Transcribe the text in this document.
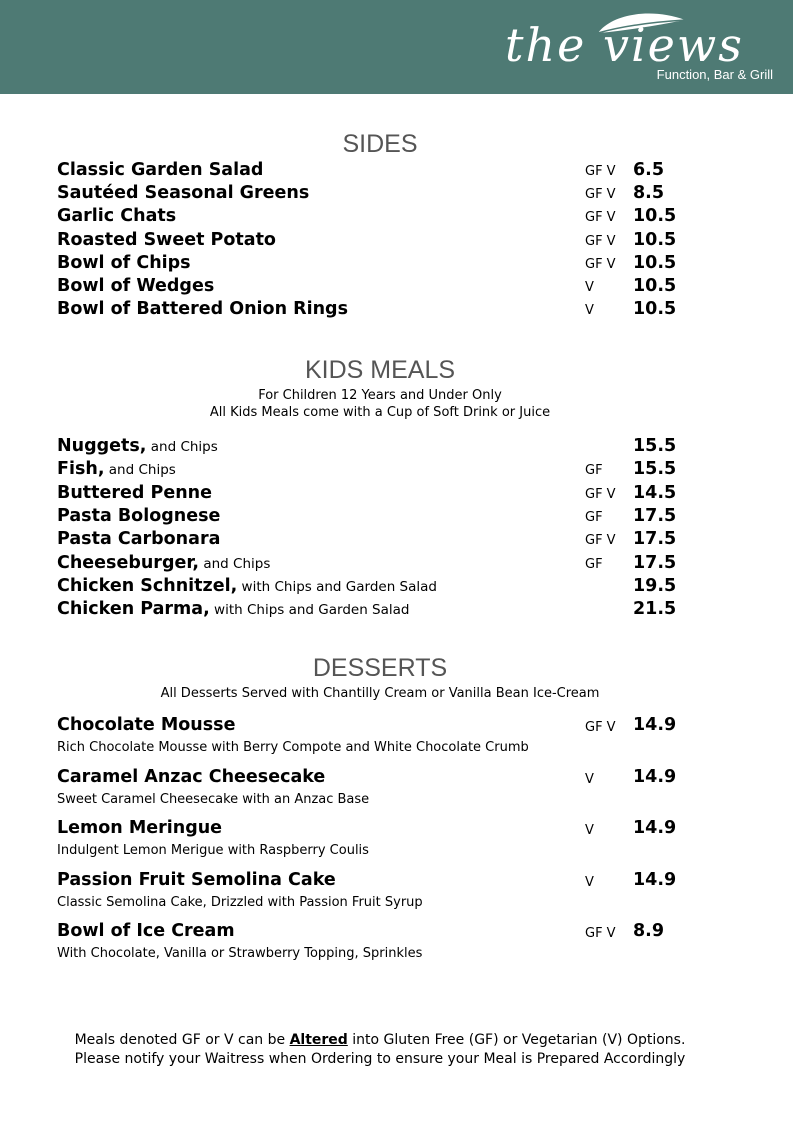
the views
Function, Bar & Grill
SIDES
Classic Garden Salad	GF V 6.5
Sautéed Seasonal Greens	GF V 8.5
Garlic Chats	GF V 10.5
Roasted Sweet Potato	GF V 10.5
Bowl of Chips	GF V 10.5
Bowl of Wedges	V 10.5
Bowl of Battered Onion Rings	V 10.5
KIDS MEALS
For Children 12 Years and Under Only
All Kids Meals come with a Cup of Soft Drink or Juice
Nuggets, and Chips	15.5
Fish, and Chips	GF 15.5
Buttered Penne	GF V 14.5
Pasta Bolognese	GF 17.5
Pasta Carbonara	GF V 17.5
Cheeseburger, and Chips	GF 17.5
Chicken Schnitzel, with Chips and Garden Salad	19.5
Chicken Parma, with Chips and Garden Salad	21.5
DESSERTS
All Desserts Served with Chantilly Cream or Vanilla Bean Ice-Cream
Chocolate Mousse	GF V 14.9
Rich Chocolate Mousse with Berry Compote and White Chocolate Crumb
Caramel Anzac Cheesecake	V 14.9
Sweet Caramel Cheesecake with an Anzac Base
Lemon Meringue	V 14.9
Indulgent Lemon Merigue with Raspberry Coulis
Passion Fruit Semolina Cake	V 14.9
Classic Semolina Cake, Drizzled with Passion Fruit Syrup
Bowl of Ice Cream	GF V 8.9
With Chocolate, Vanilla or Strawberry Topping, Sprinkles
Meals denoted GF or V can be Altered into Gluten Free (GF) or Vegetarian (V) Options.
Please notify your Waitress when Ordering to ensure your Meal is Prepared Accordingly
